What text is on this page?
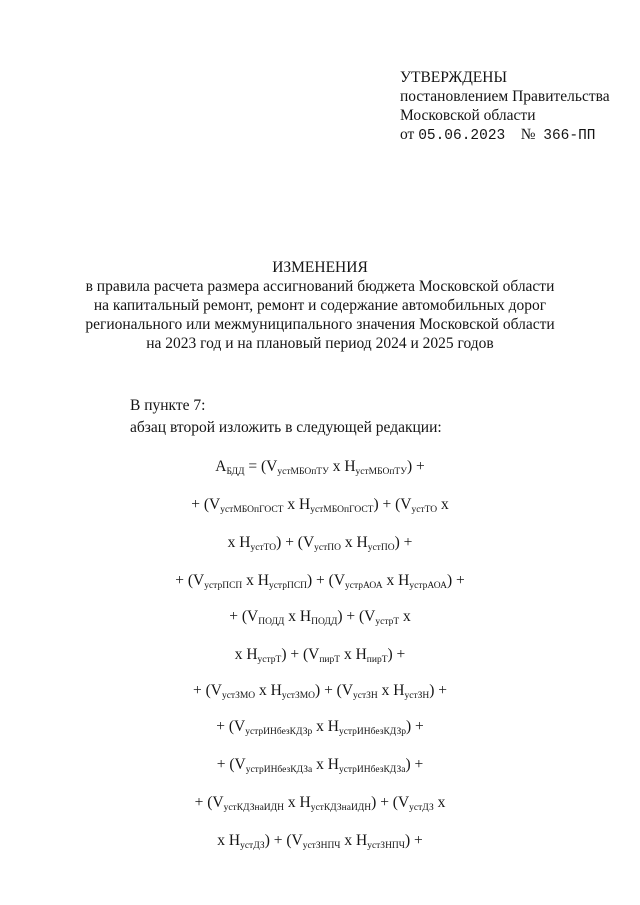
УТВЕРЖДЕНЫ
постановлением Правительства
Московской области
от 05.06.2023 № 366-ПП
ИЗМЕНЕНИЯ
в правила расчета размера ассигнований бюджета Московской области
на капитальный ремонт, ремонт и содержание автомобильных дорог
регионального или межмуниципального значения Московской области
на 2023 год и на плановый период 2024 и 2025 годов
В пункте 7:
абзац второй изложить в следующей редакции:
$A_{БДД} = (V_{устМБОпТУ}$ x $H_{устМБОпТУ}$) +
+ ($V_{устМБОпГОСТ}$ x $H_{устМБОпГОСТ}) + (V_{устТО}$ x
x $H_{устТО}) + (V_{устПО}$ x $H_{устПО}$) +
+ ($V_{устрПСП}$ x $H_{устрПСП}) + (V_{устрАОА}$ x $H_{устрАОА}$) +
+ ($V_{ПОДД}$ x $H_{ПОДД}) + (V_{устрТ}$ x
x $H_{устрТ}) + (V_{пирТ}$ x $H_{пирТ}$) +
+ ($V_{устЗМО}$ x $H_{устЗМО}) + (V_{устЗН}$ x $H_{устЗН}$) +
+ ($V_{устрИНбезКДЗр}$ x $H_{устрИНбезКДЗр}$) +
+ ($V_{устрИНбезКДЗа}$ x $H_{устрИНбезКДЗа}$) +
+ ($V_{устКДЗнаИДН}$ x $H_{устКДЗнаИДН}) + (V_{устДЗ}$ x
x $H_{устДЗ}) + (V_{устЗНПЧ}$ x $H_{устЗНПЧ}$) +
